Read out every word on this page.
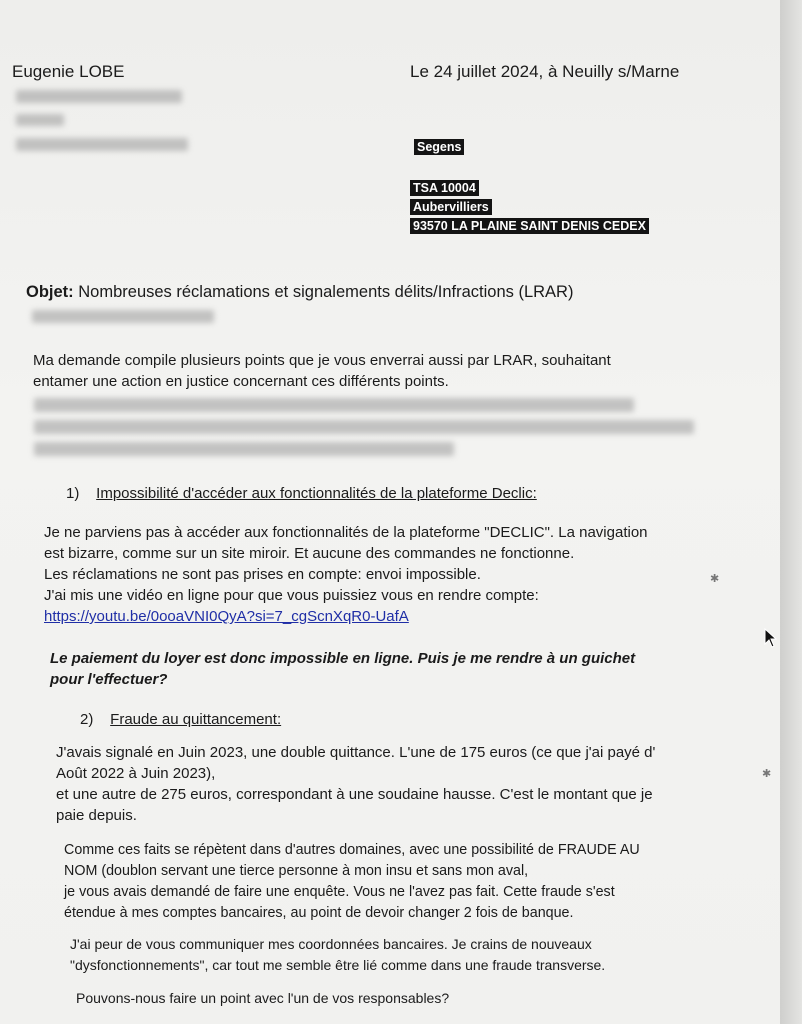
Eugenie LOBE	Le 24 juillet 2024, à Neuilly s/Marne
Segens
TSA 10004
Aubervilliers
93570 LA PLAINE SAINT DENIS CEDEX
Objet: Nombreuses réclamations et signalements délits/Infractions (LRAR)
Ma demande compile plusieurs points que je vous enverrai aussi par LRAR, souhaitant
entamer une action en justice concernant ces différents points.
1) Impossibilité d'accéder aux fonctionnalités de la plateforme Declic:
Je ne parviens pas à accéder aux fonctionnalités de la plateforme "DECLIC". La navigation
est bizarre, comme sur un site miroir. Et aucune des commandes ne fonctionne.
Les réclamations ne sont pas prises en compte: envoi impossible.
J'ai mis une vidéo en ligne pour que vous puissiez vous en rendre compte:
https://youtu.be/0ooaVNI0QyA?si=7_cgScnXqR0-UafA
Le paiement du loyer est donc impossible en ligne. Puis je me rendre à un guichet
pour l'effectuer?
2) Fraude au quittancement:
J'avais signalé en Juin 2023, une double quittance. L'une de 175 euros (ce que j'ai payé d'
Août 2022 à Juin 2023),
et une autre de 275 euros, correspondant à une soudaine hausse. C'est le montant que je
paie depuis.
Comme ces faits se répètent dans d'autres domaines, avec une possibilité de FRAUDE AU
NOM (doublon servant une tierce personne à mon insu et sans mon aval,
je vous avais demandé de faire une enquête. Vous ne l'avez pas fait. Cette fraude s'est
étendue à mes comptes bancaires, au point de devoir changer 2 fois de banque.
J'ai peur de vous communiquer mes coordonnées bancaires. Je crains de nouveaux
"dysfonctionnements", car tout me semble être lié comme dans une fraude transverse.
Pouvons-nous faire un point avec l'un de vos responsables?
✱
✱
